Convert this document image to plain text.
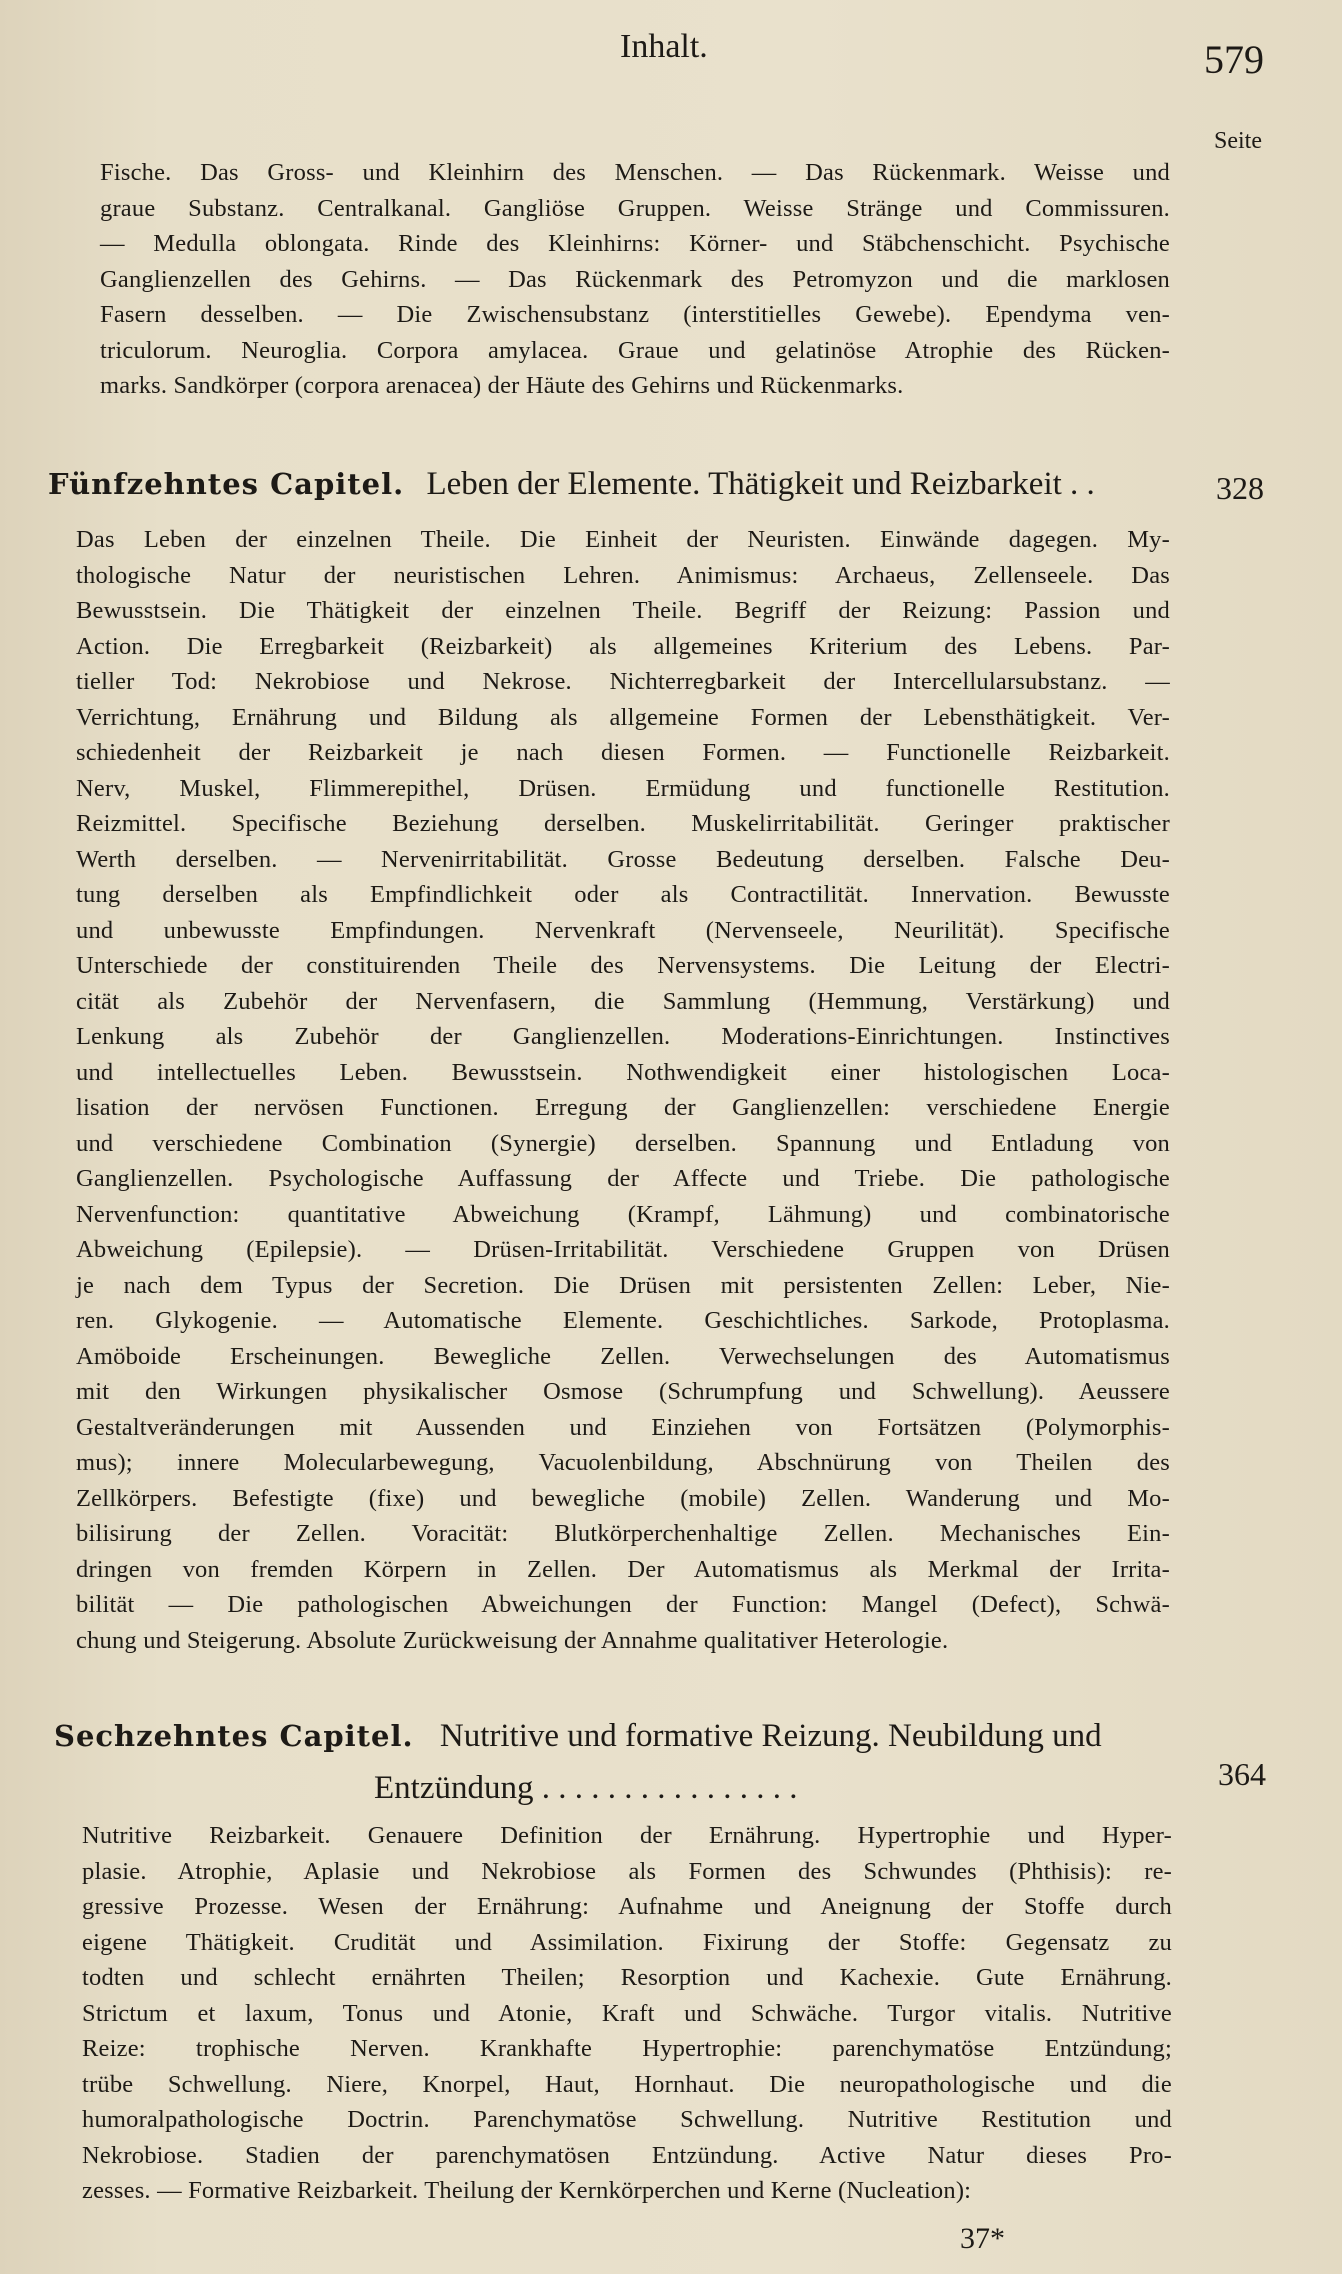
Inhalt.	579
Seite
Fische. Das Gross- und Kleinhirn des Menschen. — Das Rückenmark. Weisse und
graue Substanz. Centralkanal. Gangliöse Gruppen. Weisse Stränge und Commissuren.
— Medulla oblongata. Rinde des Kleinhirns: Körner- und Stäbchenschicht. Psychische
Ganglienzellen des Gehirns. — Das Rückenmark des Petromyzon und die marklosen
Fasern desselben. — Die Zwischensubstanz (interstitielles Gewebe). Ependyma ven-
triculorum. Neuroglia. Corpora amylacea. Graue und gelatinöse Atrophie des Rücken-
marks. Sandkörper (corpora arenacea) der Häute des Gehirns und Rückenmarks.
Fünfzehntes Capitel. Leben der Elemente. Thätigkeit und Reizbarkeit . .	328
Das Leben der einzelnen Theile. Die Einheit der Neuristen. Einwände dagegen. My-
thologische Natur der neuristischen Lehren. Animismus: Archaeus, Zellenseele. Das
Bewusstsein. Die Thätigkeit der einzelnen Theile. Begriff der Reizung: Passion und
Action. Die Erregbarkeit (Reizbarkeit) als allgemeines Kriterium des Lebens. Par-
tieller Tod: Nekrobiose und Nekrose. Nichterregbarkeit der Intercellularsubstanz. —
Verrichtung, Ernährung und Bildung als allgemeine Formen der Lebensthätigkeit. Ver-
schiedenheit der Reizbarkeit je nach diesen Formen. — Functionelle Reizbarkeit.
Nerv, Muskel, Flimmerepithel, Drüsen. Ermüdung und functionelle Restitution.
Reizmittel. Specifische Beziehung derselben. Muskelirritabilität. Geringer praktischer
Werth derselben. — Nervenirritabilität. Grosse Bedeutung derselben. Falsche Deu-
tung derselben als Empfindlichkeit oder als Contractilität. Innervation. Bewusste
und unbewusste Empfindungen. Nervenkraft (Nervenseele, Neurilität). Specifische
Unterschiede der constituirenden Theile des Nervensystems. Die Leitung der Electri-
cität als Zubehör der Nervenfasern, die Sammlung (Hemmung, Verstärkung) und
Lenkung als Zubehör der Ganglienzellen. Moderations-Einrichtungen. Instinctives
und intellectuelles Leben. Bewusstsein. Nothwendigkeit einer histologischen Loca-
lisation der nervösen Functionen. Erregung der Ganglienzellen: verschiedene Energie
und verschiedene Combination (Synergie) derselben. Spannung und Entladung von
Ganglienzellen. Psychologische Auffassung der Affecte und Triebe. Die pathologische
Nervenfunction: quantitative Abweichung (Krampf, Lähmung) und combinatorische
Abweichung (Epilepsie). — Drüsen-Irritabilität. Verschiedene Gruppen von Drüsen
je nach dem Typus der Secretion. Die Drüsen mit persistenten Zellen: Leber, Nie-
ren. Glykogenie. — Automatische Elemente. Geschichtliches. Sarkode, Protoplasma.
Amöboide Erscheinungen. Bewegliche Zellen. Verwechselungen des Automatismus
mit den Wirkungen physikalischer Osmose (Schrumpfung und Schwellung). Aeussere
Gestaltveränderungen mit Aussenden und Einziehen von Fortsätzen (Polymorphis-
mus); innere Molecularbewegung, Vacuolenbildung, Abschnürung von Theilen des
Zellkörpers. Befestigte (fixe) und bewegliche (mobile) Zellen. Wanderung und Mo-
bilisirung der Zellen. Voracität: Blutkörperchenhaltige Zellen. Mechanisches Ein-
dringen von fremden Körpern in Zellen. Der Automatismus als Merkmal der Irrita-
bilität — Die pathologischen Abweichungen der Function: Mangel (Defect), Schwä-
chung und Steigerung. Absolute Zurückweisung der Annahme qualitativer Heterologie.
Sechzehntes Capitel. Nutritive und formative Reizung. Neubildung und
Entzündung . . . . . . . . . . . . . . . .	364
Nutritive Reizbarkeit. Genauere Definition der Ernährung. Hypertrophie und Hyper-
plasie. Atrophie, Aplasie und Nekrobiose als Formen des Schwundes (Phthisis): re-
gressive Prozesse. Wesen der Ernährung: Aufnahme und Aneignung der Stoffe durch
eigene Thätigkeit. Crudität und Assimilation. Fixirung der Stoffe: Gegensatz zu
todten und schlecht ernährten Theilen; Resorption und Kachexie. Gute Ernährung.
Strictum et laxum, Tonus und Atonie, Kraft und Schwäche. Turgor vitalis. Nutritive
Reize: trophische Nerven. Krankhafte Hypertrophie: parenchymatöse Entzündung;
trübe Schwellung. Niere, Knorpel, Haut, Hornhaut. Die neuropathologische und die
humoralpathologische Doctrin. Parenchymatöse Schwellung. Nutritive Restitution und
Nekrobiose. Stadien der parenchymatösen Entzündung. Active Natur dieses Pro-
zesses. — Formative Reizbarkeit. Theilung der Kernkörperchen und Kerne (Nucleation):
37*
